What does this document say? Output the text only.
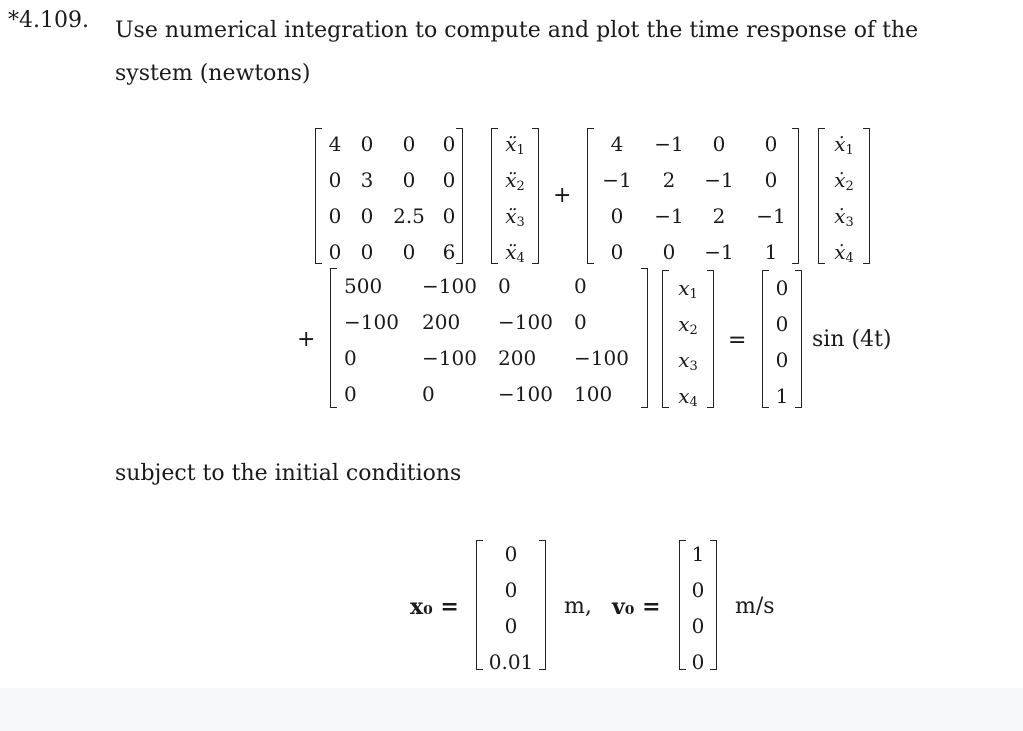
*4.109. Use numerical integration to compute and plot the time response of the system (newtons)
4 0 0 0
0 3 0 0
0 0 2.5 0
0 0 0 6
$ẍ_1$
$ẍ_2$
$ẍ_3$
$ẍ_4$
+
4 −1 0 0
−1 2 −1 0
0 −1 2 −1
0 0 −1 1
$ẋ_1$
$ẋ_2$
$ẋ_3$
$ẋ_4$
+
500 −100 0	0
−100 200 −100 0
0	−100 200 −100
0	0	−100 100
$x_1$
$x_2$
$x_3$
$x_4$
=
0
0
0
1
sin (4t)
subject to the initial conditions
x₀ =
0
0
0
0.01
m, v₀ =
1
0
0
0
m/s
